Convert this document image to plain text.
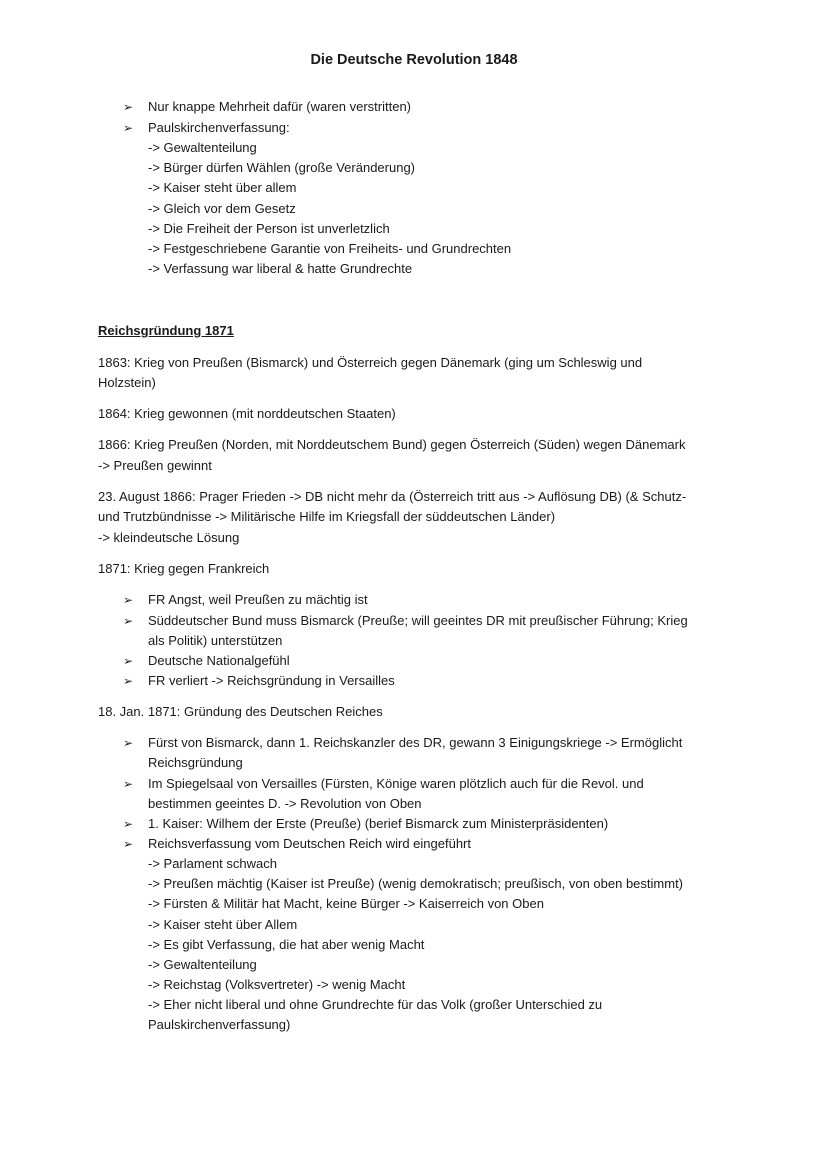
Die Deutsche Revolution 1848
➢ Nur knappe Mehrheit dafür (waren verstritten)
➢ Paulskirchenverfassung:
-> Gewaltenteilung
-> Bürger dürfen Wählen (große Veränderung)
-> Kaiser steht über allem
-> Gleich vor dem Gesetz
-> Die Freiheit der Person ist unverletzlich
-> Festgeschriebene Garantie von Freiheits- und Grundrechten
-> Verfassung war liberal & hatte Grundrechte
Reichsgründung 1871
1863: Krieg von Preußen (Bismarck) und Österreich gegen Dänemark (ging um Schleswig und
Holzstein)
1864: Krieg gewonnen (mit norddeutschen Staaten)
1866: Krieg Preußen (Norden, mit Norddeutschem Bund) gegen Österreich (Süden) wegen Dänemark
-> Preußen gewinnt
23. August 1866: Prager Frieden -> DB nicht mehr da (Österreich tritt aus -> Auflösung DB) (& Schutz-
und Trutzbündnisse -> Militärische Hilfe im Kriegsfall der süddeutschen Länder)
-> kleindeutsche Lösung
1871: Krieg gegen Frankreich
➢ FR Angst, weil Preußen zu mächtig ist
➢ Süddeutscher Bund muss Bismarck (Preuße; will geeintes DR mit preußischer Führung; Krieg
als Politik) unterstützen
➢ Deutsche Nationalgefühl
➢ FR verliert -> Reichsgründung in Versailles
18. Jan. 1871: Gründung des Deutschen Reiches
➢ Fürst von Bismarck, dann 1. Reichskanzler des DR, gewann 3 Einigungskriege -> Ermöglicht
Reichsgründung
➢ Im Spiegelsaal von Versailles (Fürsten, Könige waren plötzlich auch für die Revol. und
bestimmen geeintes D. -> Revolution von Oben
➢ 1. Kaiser: Wilhem der Erste (Preuße) (berief Bismarck zum Ministerpräsidenten)
➢ Reichsverfassung vom Deutschen Reich wird eingeführt
-> Parlament schwach
-> Preußen mächtig (Kaiser ist Preuße) (wenig demokratisch; preußisch, von oben bestimmt)
-> Fürsten & Militär hat Macht, keine Bürger -> Kaiserreich von Oben
-> Kaiser steht über Allem
-> Es gibt Verfassung, die hat aber wenig Macht
-> Gewaltenteilung
-> Reichstag (Volksvertreter) -> wenig Macht
-> Eher nicht liberal und ohne Grundrechte für das Volk (großer Unterschied zu
Paulskirchenverfassung)
